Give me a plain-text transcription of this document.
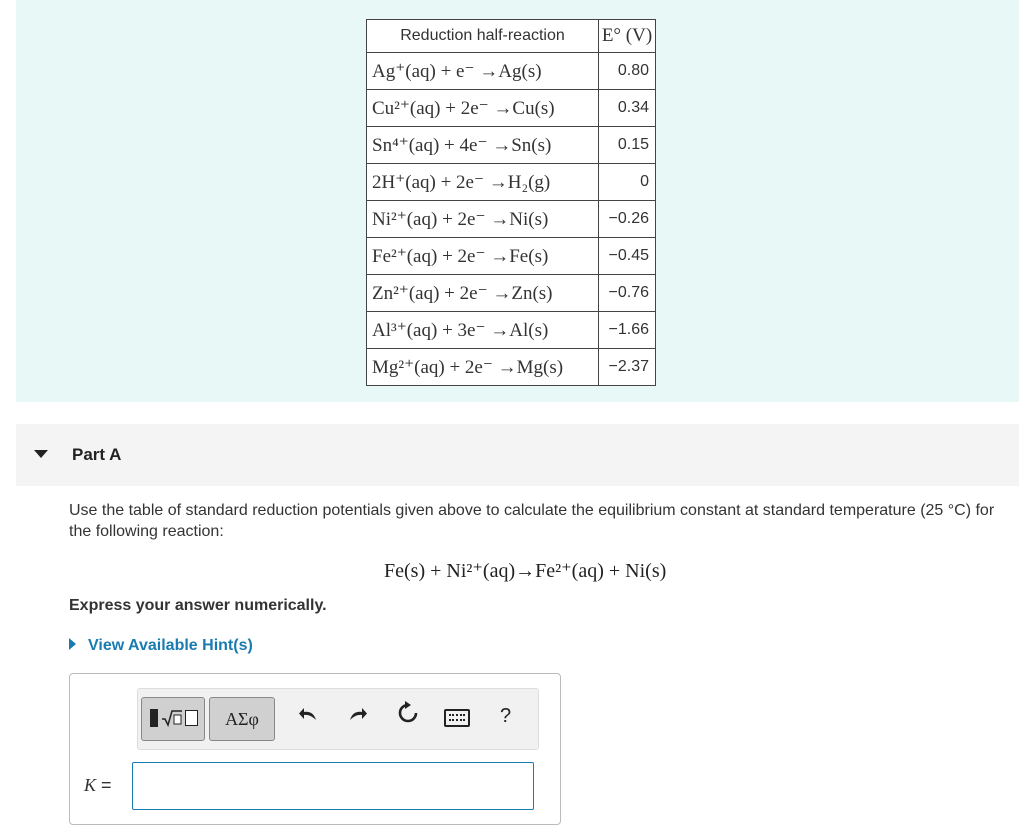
Reduction half-reaction	E° (V)
Ag⁺(aq) + e⁻ →Ag(s)	0.80
Cu²⁺(aq) + 2e⁻ →Cu(s)	0.34
Sn⁴⁺(aq) + 4e⁻ →Sn(s)	0.15
2H⁺(aq) + 2e⁻ →H₂(g)	0
Ni²⁺(aq) + 2e⁻ →Ni(s)	−0.26
Fe²⁺(aq) + 2e⁻ →Fe(s)	−0.45
Zn²⁺(aq) + 2e⁻ →Zn(s)	−0.76
Al³⁺(aq) + 3e⁻ →Al(s)	−1.66
Mg²⁺(aq) + 2e⁻ →Mg(s)	−2.37
Part A
Use the table of standard reduction potentials given above to calculate the equilibrium constant at standard temperature (25 °C) for the following reaction:
Fe(s) + Ni²⁺(aq)→Fe²⁺(aq) + Ni(s)
Express your answer numerically.
View Available Hint(s)
ΑΣφ	?
K =
